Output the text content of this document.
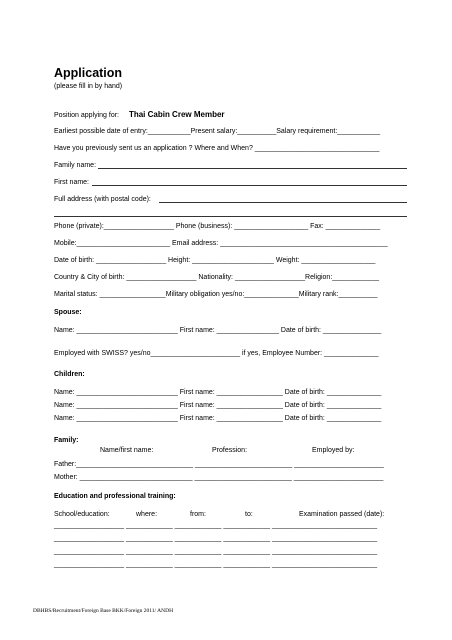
Application
(please fill in by hand)
Position applying for: Thai Cabin Crew Member
Earliest possible date of entry:___________Present salary:__________Salary requirement:___________
Have you previously sent us an application ? Where and When? ________________________________
Family name:
First name:
Full address (with postal code):
Phone (private):__________________ Phone (business): ___________________ Fax: ______________
Mobile:________________________ Email address: ___________________________________________
Date of birth: __________________ Height: _____________________ Weight: ___________________
Country & City of birth: __________________ Nationality: __________________Religion:____________
Marital status: _________________Military obligation yes/no:______________Military rank:__________
Spouse:
Name: __________________________ First name: ________________ Date of birth: _______________
Employed with SWISS? yes/no_______________________ if yes, Employee Number: ______________
Children:
Name: __________________________ First name: _________________ Date of birth: ______________
Name: __________________________ First name: _________________ Date of birth: ______________
Name: __________________________ First name: _________________ Date of birth: ______________
Family:
Name/first name:	Profession:	Employed by:
Father:______________________________ _________________________ _______________________
Mother: _____________________________ _________________________ _______________________
Education and professional training:
School/education:	where:	from:	to:	Examination passed (date):
__________________ ____________ ____________ ____________ ___________________________
__________________ ____________ ____________ ____________ ___________________________
__________________ ____________ ____________ ____________ ___________________________
__________________ ____________ ____________ ____________ ___________________________
DBHBS/Recruitment/Foreign Base BKK/Foreign 2011/ ANDH
